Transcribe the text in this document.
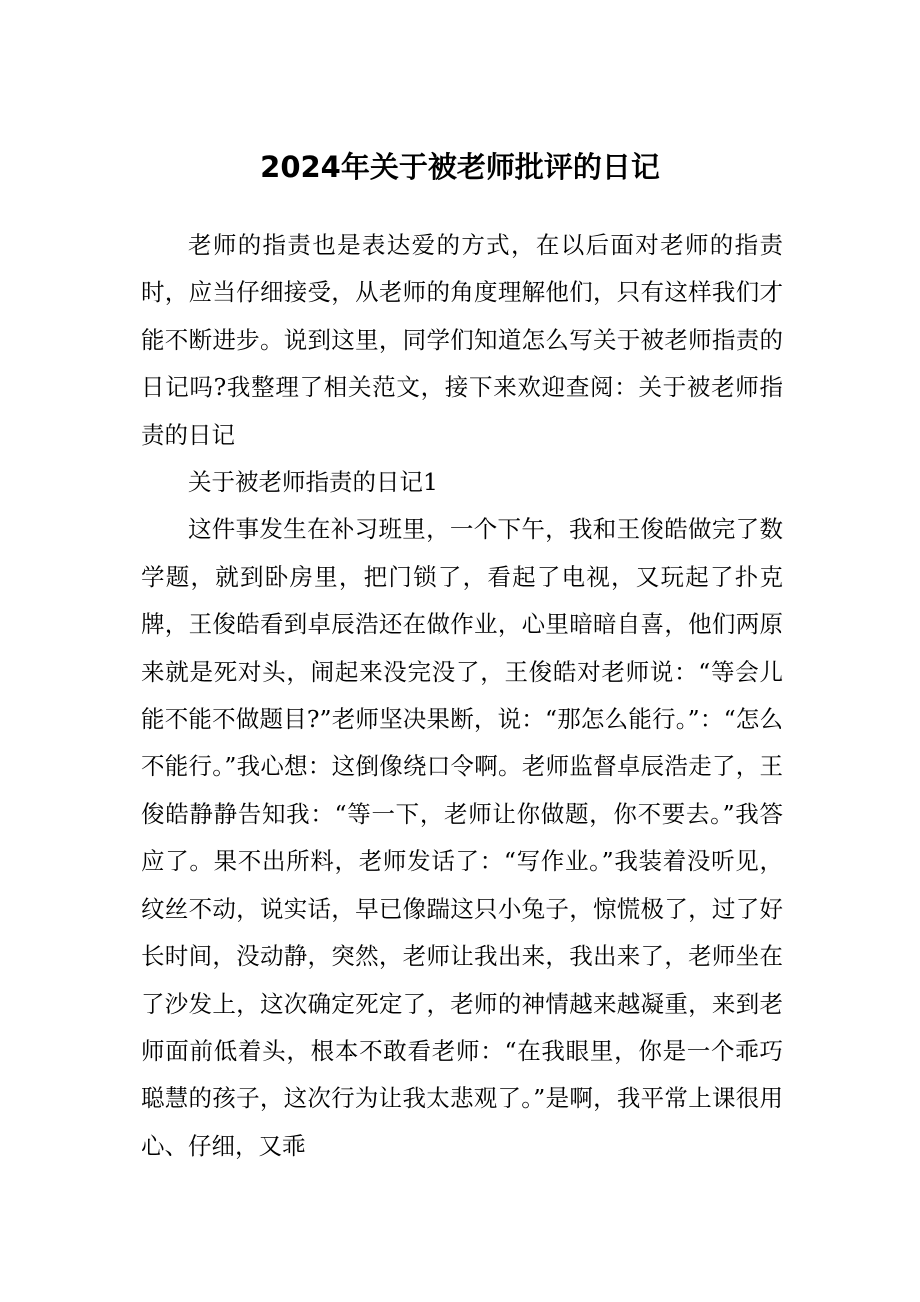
2024年关于被老师批评的日记

老师的指责也是表达爱的方式，在以后面对老师的指责时，应当仔细接受，从老师的角度理解他们，只有这样我们才能不断进步。说到这里，同学们知道怎么写关于被老师指责的日记吗?我整理了相关范文，接下来欢迎查阅：关于被老师指责的日记

关于被老师指责的日记1

这件事发生在补习班里，一个下午，我和王俊皓做完了数学题，就到卧房里，把门锁了，看起了电视，又玩起了扑克牌，王俊皓看到卓辰浩还在做作业，心里暗暗自喜，他们两原来就是死对头，闹起来没完没了，王俊皓对老师说：“等会儿能不能不做题目?”老师坚决果断，说：“那怎么能行。”：“怎么不能行。”我心想：这倒像绕口令啊。老师监督卓辰浩走了，王俊皓静静告知我：“等一下，老师让你做题，你不要去。”我答应了。果不出所料，老师发话了：“写作业。”我装着没听见，纹丝不动，说实话，早已像踹这只小兔子，惊慌极了，过了好长时间，没动静，突然，老师让我出来，我出来了，老师坐在了沙发上，这次确定死定了，老师的神情越来越凝重，来到老师面前低着头，根本不敢看老师：“在我眼里，你是一个乖巧聪慧的孩子，这次行为让我太悲观了。”是啊，我平常上课很用心、仔细，又乖
